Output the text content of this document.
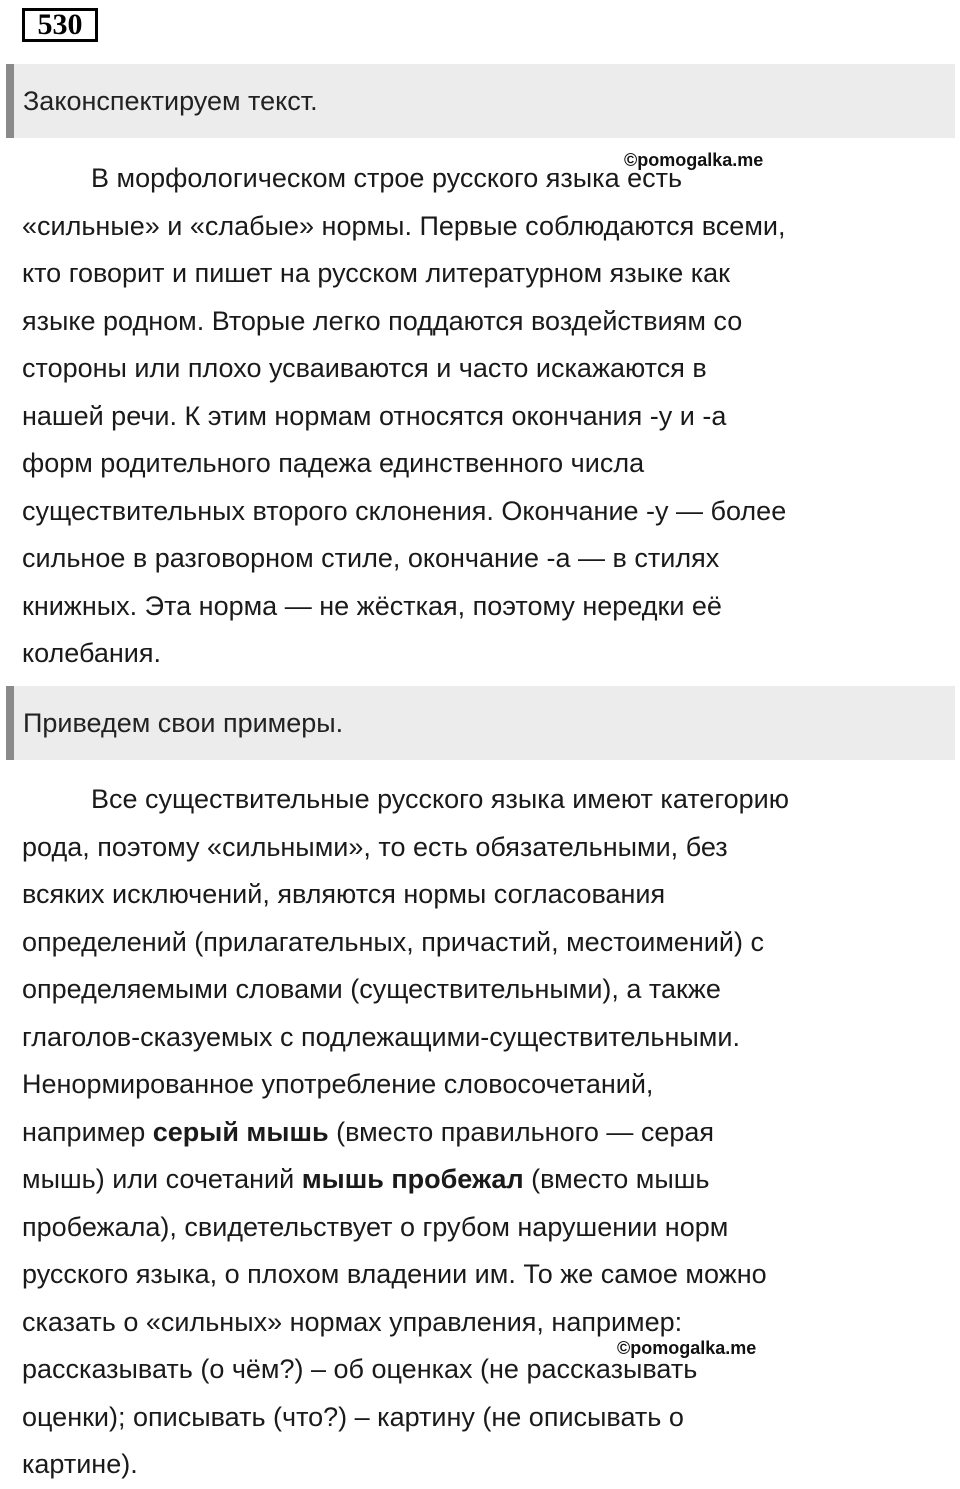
530
Законспектируем текст.

В морфологическом строе русского языка есть
«сильные» и «слабые» нормы. Первые соблюдаются всеми,
кто говорит и пишет на русском литературном языке как
языке родном. Вторые легко поддаются воздействиям со
стороны или плохо усваиваются и часто искажаются в
нашей речи. К этим нормам относятся окончания -у и -а
форм родительного падежа единственного числа
существительных второго склонения. Окончание -у — более
сильное в разговорном стиле, окончание -а — в стилях
книжных. Эта норма — не жёсткая, поэтому нередки её
колебания.

©pomogalka.me
Приведем свои примеры.

Все существительные русского языка имеют категорию
рода, поэтому «сильными», то есть обязательными, без
всяких исключений, являются нормы согласования
определений (прилагательных, причастий, местоимений) с
определяемыми словами (существительными), а также
глаголов-сказуемых с подлежащими-существительными.
Ненормированное употребление словосочетаний,
например серый мышь (вместо правильного — серая
мышь) или сочетаний мышь пробежал (вместо мышь
пробежала), свидетельствует о грубом нарушении норм
русского языка, о плохом владении им. То же самое можно
сказать о «сильных» нормах управления, например:
рассказывать (о чём?) – об оценках (не рассказывать
оценки); описывать (что?) – картину (не описывать о
картине).

©pomogalka.me
